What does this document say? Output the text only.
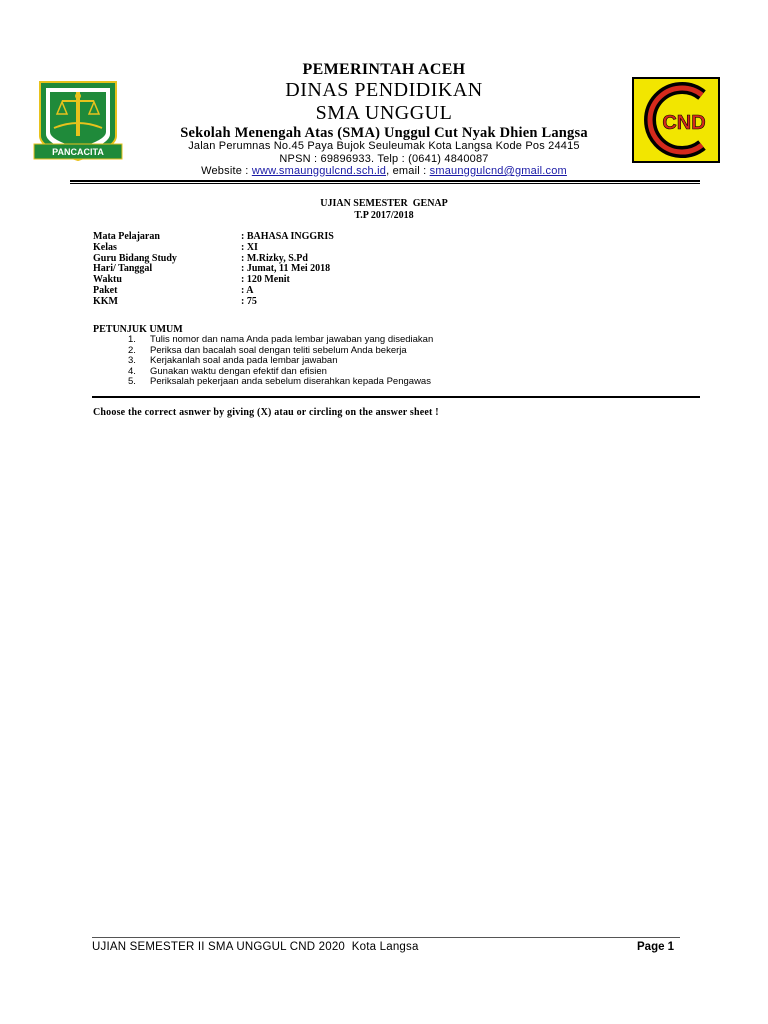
PANCACITA
CND
PEMERINTAH ACEH
DINAS PENDIDIKAN
SMA UNGGUL
Sekolah Menengah Atas (SMA) Unggul Cut Nyak Dhien Langsa
Jalan Perumnas No.45 Paya Bujok Seuleumak Kota Langsa Kode Pos 24415
NPSN : 69896933. Telp : (0641) 4840087
Website : www.smaunggulcnd.sch.id, email : smaunggulcnd@gmail.com
UJIAN SEMESTER  GENAP
T.P 2017/2018
Mata Pelajaran	: BAHASA INGGRIS
Kelas	: XI
Guru Bidang Study	: M.Rizky, S.Pd
Hari/ Tanggal	: Jumat, 11 Mei 2018
Waktu	: 120 Menit
Paket	: A
KKM	: 75
PETUNJUK UMUM
1.	Tulis nomor dan nama Anda pada lembar jawaban yang disediakan
2.	Periksa dan bacalah soal dengan teliti sebelum Anda bekerja
3.	Kerjakanlah soal anda pada lembar jawaban
4.	Gunakan waktu dengan efektif dan efisien
5.	Periksalah pekerjaan anda sebelum diserahkan kepada Pengawas
Choose the correct asnwer by giving (X) atau or circling on the answer sheet !
UJIAN SEMESTER II SMA UNGGUL CND 2020  Kota Langsa	Page 1
